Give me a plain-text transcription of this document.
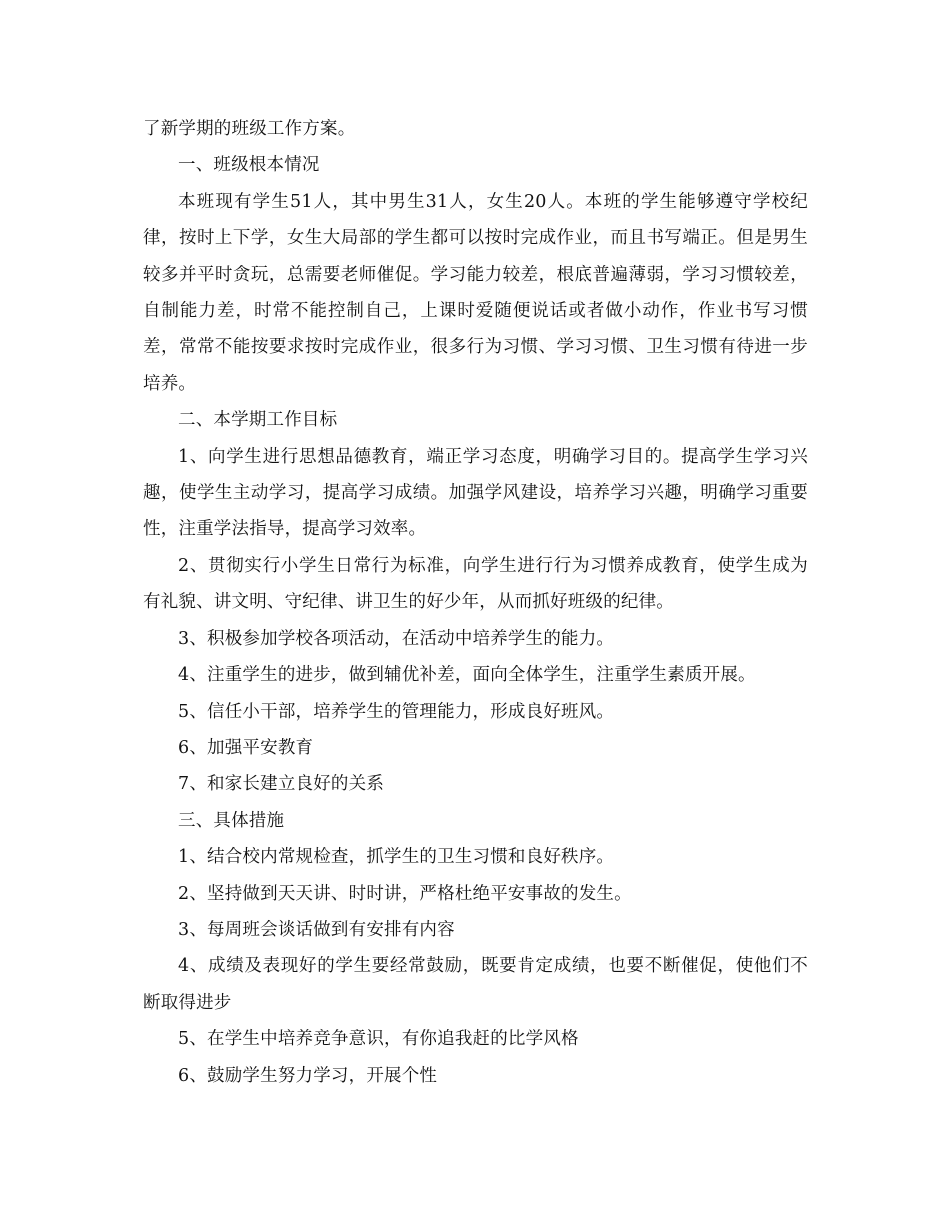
了新学期的班级工作方案。

一、班级根本情况

本班现有学生51人，其中男生31人，女生20人。本班的学生能够遵守学校纪律，按时上下学，女生大局部的学生都可以按时完成作业，而且书写端正。但是男生较多并平时贪玩，总需要老师催促。学习能力较差，根底普遍薄弱，学习习惯较差，自制能力差，时常不能控制自己，上课时爱随便说话或者做小动作，作业书写习惯差，常常不能按要求按时完成作业，很多行为习惯、学习习惯、卫生习惯有待进一步培养。

二、本学期工作目标

1、向学生进行思想品德教育，端正学习态度，明确学习目的。提高学生学习兴趣，使学生主动学习，提高学习成绩。加强学风建设，培养学习兴趣，明确学习重要性，注重学法指导，提高学习效率。

2、贯彻实行小学生日常行为标准，向学生进行行为习惯养成教育，使学生成为有礼貌、讲文明、守纪律、讲卫生的好少年，从而抓好班级的纪律。

3、积极参加学校各项活动，在活动中培养学生的能力。

4、注重学生的进步，做到辅优补差，面向全体学生，注重学生素质开展。

5、信任小干部，培养学生的管理能力，形成良好班风。

6、加强平安教育

7、和家长建立良好的关系

三、具体措施

1、结合校内常规检查，抓学生的卫生习惯和良好秩序。

2、坚持做到天天讲、时时讲，严格杜绝平安事故的发生。

3、每周班会谈话做到有安排有内容

4、成绩及表现好的学生要经常鼓励，既要肯定成绩，也要不断催促，使他们不断取得进步

5、在学生中培养竞争意识，有你追我赶的比学风格

6、鼓励学生努力学习，开展个性
